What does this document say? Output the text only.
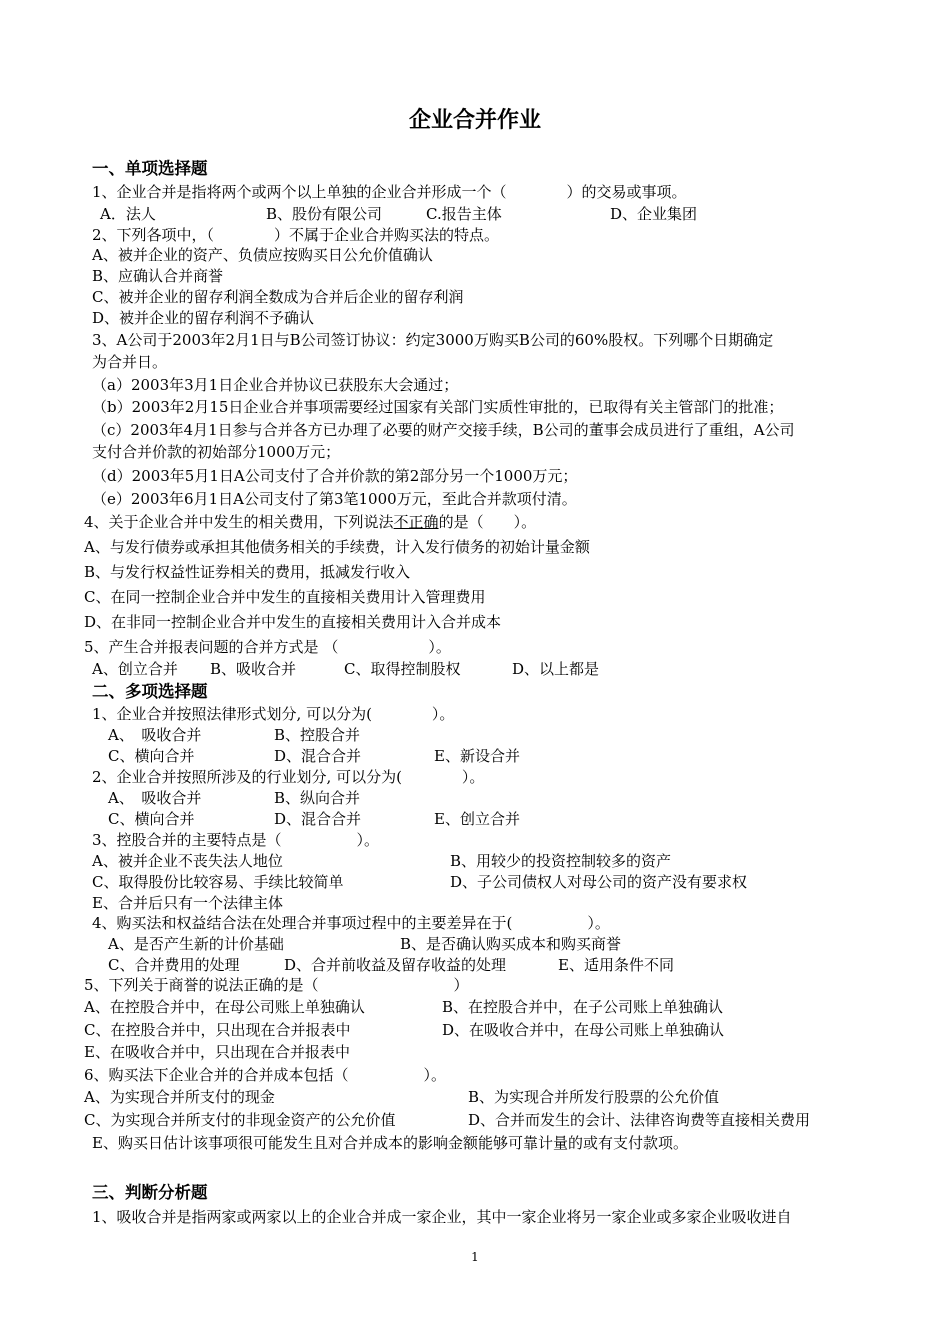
企业合并作业
一、单项选择题
1、企业合并是指将两个或两个以上单独的企业合并形成一个（　　　　）的交易或事项。
A．法人	B、股份有限公司	C.报告主体	D、企业集团
2、下列各项中，（　　　　）不属于企业合并购买法的特点。
A、被并企业的资产、负债应按购买日公允价值确认
B、应确认合并商誉
C、被并企业的留存利润全数成为合并后企业的留存利润
D、被并企业的留存利润不予确认
3、A公司于2003年2月1日与B公司签订协议：约定3000万购买B公司的60%股权。下列哪个日期确定
为合并日。
（a）2003年3月1日企业合并协议已获股东大会通过；
（b）2003年2月15日企业合并事项需要经过国家有关部门实质性审批的，已取得有关主管部门的批准；
（c）2003年4月1日参与合并各方已办理了必要的财产交接手续，B公司的董事会成员进行了重组，A公司
支付合并价款的初始部分1000万元；
（d）2003年5月1日A公司支付了合并价款的第2部分另一个1000万元；
（e）2003年6月1日A公司支付了第3笔1000万元，至此合并款项付清。
4、关于企业合并中发生的相关费用，下列说法不正确的是（　　）。
A、与发行债券或承担其他债务相关的手续费，计入发行债务的初始计量金额
B、与发行权益性证券相关的费用，抵减发行收入
C、在同一控制企业合并中发生的直接相关费用计入管理费用
D、在非同一控制企业合并中发生的直接相关费用计入合并成本
5、产生合并报表问题的合并方式是 （　　　　　　）。
A、创立合并 B、吸收合并	C、取得控制股权	D、以上都是
二、多项选择题
1、企业合并按照法律形式划分, 可以分为(　　　　）。
A、　吸收合并	B、控股合并
C、横向合并	D、混合合并	E、新设合并
2、企业合并按照所涉及的行业划分, 可以分为(　　　　）。
A、　吸收合并	B、纵向合并
C、横向合并	D、混合合并	E、创立合并
3、控股合并的主要特点是（　　　　　）。
A、被并企业不丧失法人地位	B、用较少的投资控制较多的资产
C、取得股份比较容易、手续比较简单	D、子公司债权人对母公司的资产没有要求权
E、合并后只有一个法律主体
4、购买法和权益结合法在处理合并事项过程中的主要差异在于(　　　　　）。
A、是否产生新的计价基础	B、是否确认购买成本和购买商誉
C、合并费用的处理	D、合并前收益及留存收益的处理	E、适用条件不同
5、下列关于商誉的说法正确的是（　　　　　　　　　）
A、在控股合并中，在母公司账上单独确认	B、在控股合并中，在子公司账上单独确认
C、在控股合并中，只出现在合并报表中	D、在吸收合并中，在母公司账上单独确认
E、在吸收合并中，只出现在合并报表中
6、购买法下企业合并的合并成本包括（　　　　　）。
A、为实现合并所支付的现金	B、为实现合并所发行股票的公允价值
C、为实现合并所支付的非现金资产的公允价值	D、合并而发生的会计、法律咨询费等直接相关费用
E、购买日估计该事项很可能发生且对合并成本的影响金额能够可靠计量的或有支付款项。
三、判断分析题
1、吸收合并是指两家或两家以上的企业合并成一家企业，其中一家企业将另一家企业或多家企业吸收进自
1
